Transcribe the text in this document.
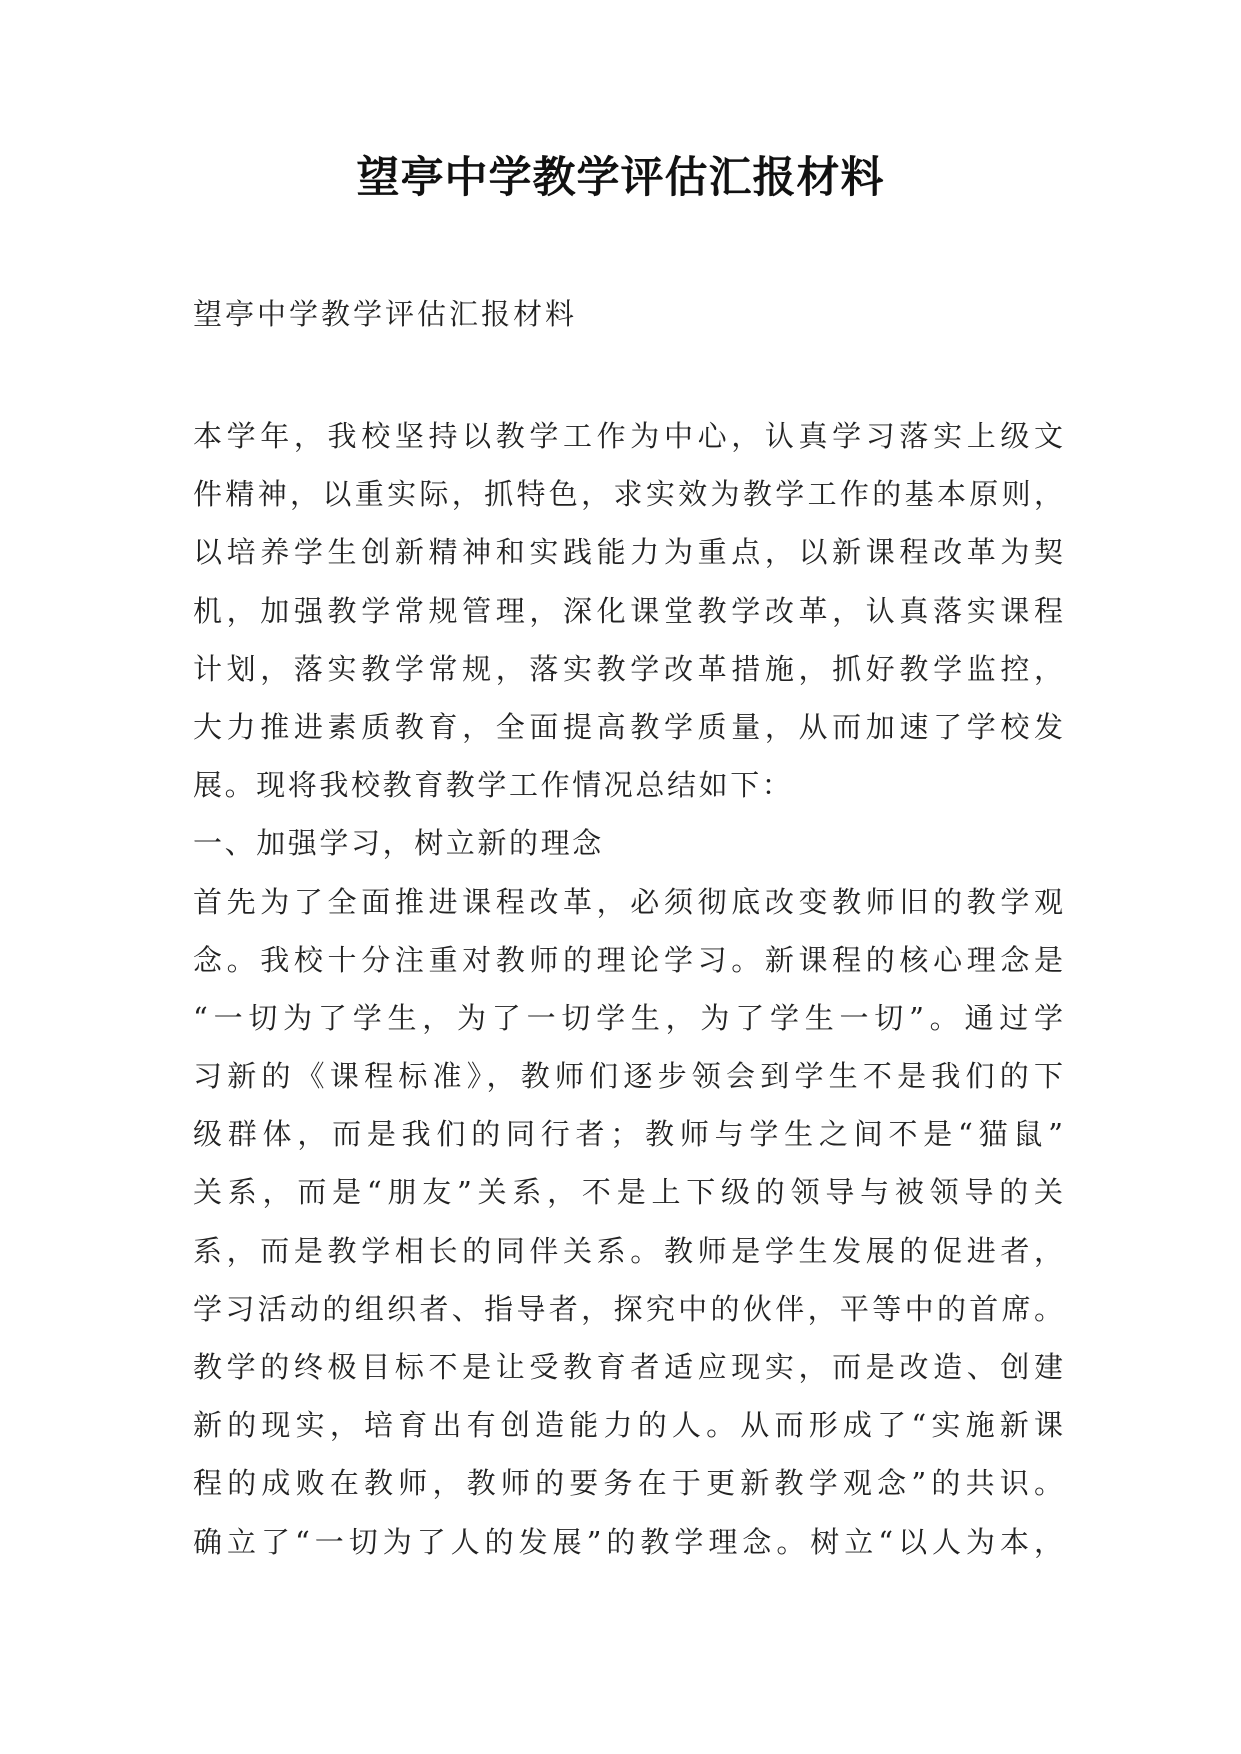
望亭中学教学评估汇报材料
望亭中学教学评估汇报材料
本学年，我校坚持以教学工作为中心，认真学习落实上级文
件精神，以重实际，抓特色，求实效为教学工作的基本原则，
以培养学生创新精神和实践能力为重点，以新课程改革为契
机，加强教学常规管理，深化课堂教学改革，认真落实课程
计划，落实教学常规，落实教学改革措施，抓好教学监控，
大力推进素质教育，全面提高教学质量，从而加速了学校发
展。现将我校教育教学工作情况总结如下：
一、加强学习，树立新的理念
首先为了全面推进课程改革，必须彻底改变教师旧的教学观
念。我校十分注重对教师的理论学习。新课程的核心理念是
“一切为了学生，为了一切学生，为了学生一切”。通过学
习新的《课程标准》，教师们逐步领会到学生不是我们的下
级群体，而是我们的同行者；教师与学生之间不是“猫鼠”
关系，而是“朋友”关系，不是上下级的领导与被领导的关
系，而是教学相长的同伴关系。教师是学生发展的促进者，
学习活动的组织者、指导者，探究中的伙伴，平等中的首席。
教学的终极目标不是让受教育者适应现实，而是改造、创建
新的现实，培育出有创造能力的人。从而形成了“实施新课
程的成败在教师，教师的要务在于更新教学观念”的共识。
确立了“一切为了人的发展”的教学理念。树立“以人为本，
